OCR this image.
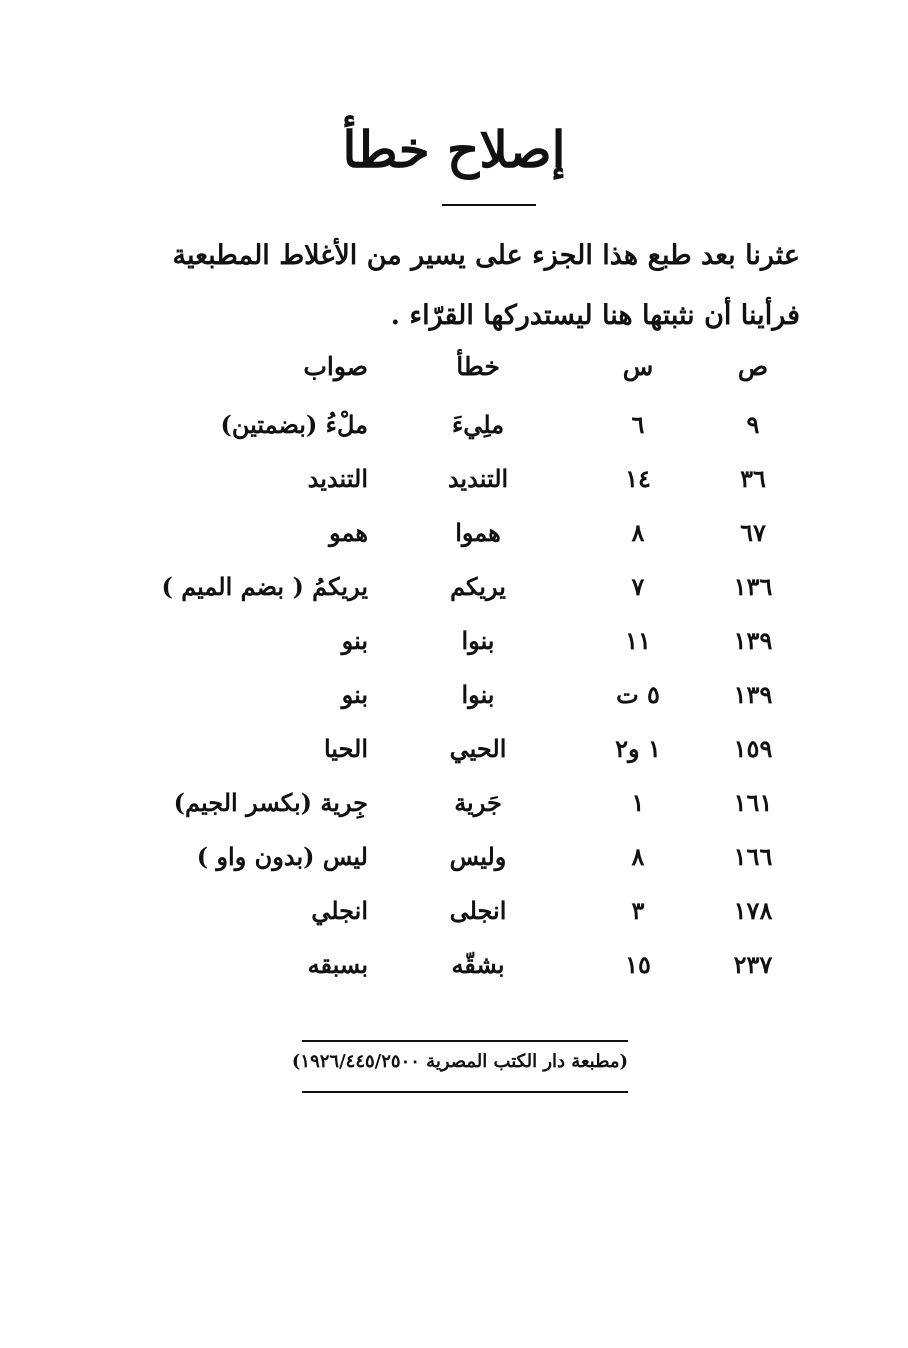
إصلاح خطأ
عثرنا بعد طبع هذا الجزء على يسير من الأغلاط المطبعية
فرأينا أن نثبتها هنا ليستدركها القرّاء .
ص
س
خطأ
صواب
٩
٦
ملِيءَ
ملْءُ (بضمتين)
٣٦
١٤
التنديد
التنديد
٦٧
٨
هموا
همو
١٣٦
٧
يريكم
يريكمُ ( بضم الميم )
١٣٩
١١
بنوا
بنو
١٣٩
٥ ت
بنوا
بنو
١٥٩
١ و٢
الحيي
الحيا
١٦١
١
جَرية
جِرية (بكسر الجيم)
١٦٦
٨
وليس
ليس (بدون واو )
١٧٨
٣
انجلى
انجلي
٢٣٧
١٥
بشقّه
بسبقه
(مطبعة دار الكتب المصرية ١٩٢٦/٤٤٥/٢٥٠٠)
